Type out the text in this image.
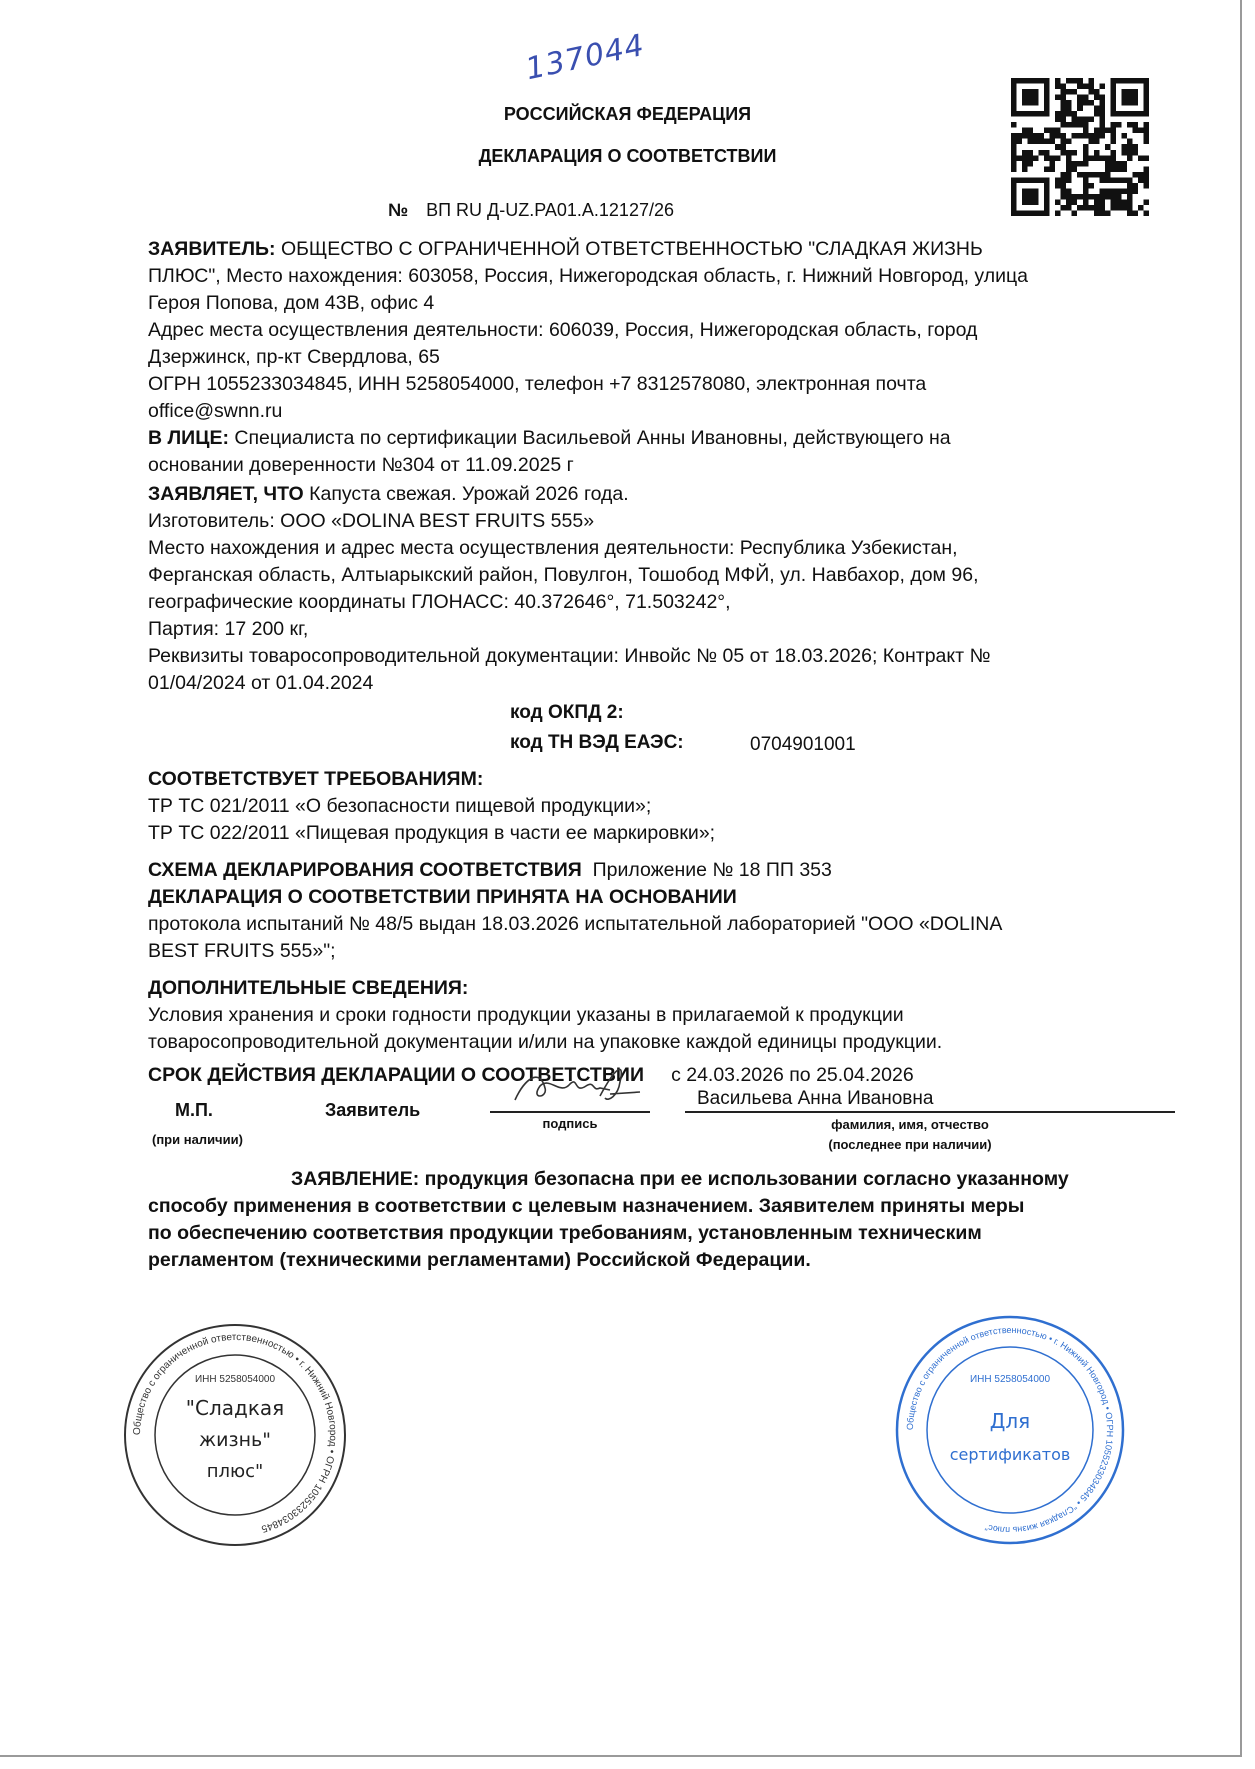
137044
РОССИЙСКАЯ ФЕДЕРАЦИЯ
ДЕКЛАРАЦИЯ О СООТВЕТСТВИИ
№ ВП RU Д-UZ.PA01.A.12127/26
ЗАЯВИТЕЛЬ: ОБЩЕСТВО С ОГРАНИЧЕННОЙ ОТВЕТСТВЕННОСТЬЮ "СЛАДКАЯ ЖИЗНЬ
ПЛЮС", Место нахождения: 603058, Россия, Нижегородская область, г. Нижний Новгород, улица
Героя Попова, дом 43В, офис 4
Адрес места осуществления деятельности: 606039, Россия, Нижегородская область, город
Дзержинск, пр-кт Свердлова, 65
ОГРН 1055233034845, ИНН 5258054000, телефон +7 8312578080, электронная почта
office@swnn.ru
В ЛИЦЕ: Специалиста по сертификации Васильевой Анны Ивановны, действующего на
основании доверенности №304 от 11.09.2025 г
ЗАЯВЛЯЕТ, ЧТО Капуста свежая. Урожай 2026 года.
Изготовитель: ООО «DOLINA BEST FRUITS 555»
Место нахождения и адрес места осуществления деятельности: Республика Узбекистан,
Ферганская область, Алтыарыкский район, Повулгон, Тошобод МФЙ, ул. Навбахор, дом 96,
географические координаты ГЛОНАСС: 40.372646°, 71.503242°,
Партия: 17 200 кг,
Реквизиты товаросопроводительной документации: Инвойс № 05 от 18.03.2026; Контракт №
01/04/2024 от 01.04.2024
код ОКПД 2:
код ТН ВЭД ЕАЭС:	0704901001
СООТВЕТСТВУЕТ ТРЕБОВАНИЯМ:
ТР ТС 021/2011 «О безопасности пищевой продукции»;
ТР ТС 022/2011 «Пищевая продукция в части ее маркировки»;
СХЕМА ДЕКЛАРИРОВАНИЯ СООТВЕТСТВИЯ Приложение № 18 ПП 353
ДЕКЛАРАЦИЯ О СООТВЕТСТВИИ ПРИНЯТА НА ОСНОВАНИИ
протокола испытаний № 48/5 выдан 18.03.2026 испытательной лабораторией "ООО «DOLINA
BEST FRUITS 555»";
ДОПОЛНИТЕЛЬНЫЕ СВЕДЕНИЯ:
Условия хранения и сроки годности продукции указаны в прилагаемой к продукции
товаросопроводительной документации и/или на упаковке каждой единицы продукции.
СРОК ДЕЙСТВИЯ ДЕКЛАРАЦИИ О СООТВЕТСТВИИ с 24.03.2026 по 25.04.2026
М.П.
(при наличии)
Заявитель
подпись
Васильева Анна Ивановна
фамилия, имя, отчество
(последнее при наличии)
ЗАЯВЛЕНИЕ: продукция безопасна при ее использовании согласно указанному
способу применения в соответствии с целевым назначением. Заявителем приняты меры
по обеспечению соответствия продукции требованиям, установленным техническим
регламентом (техническими регламентами) Российской Федерации.
Общество с ограниченной ответственностью • г. Нижний Новгород • ОГРН 1055233034845
ИНН 5258054000
"Сладкая
жизнь"
плюс"
Общество с ограниченной ответственностью • г. Нижний Новгород • ОГРН 1055233034845 • "Сладкая жизнь плюс"
ИНН 5258054000
Для
сертификатов
